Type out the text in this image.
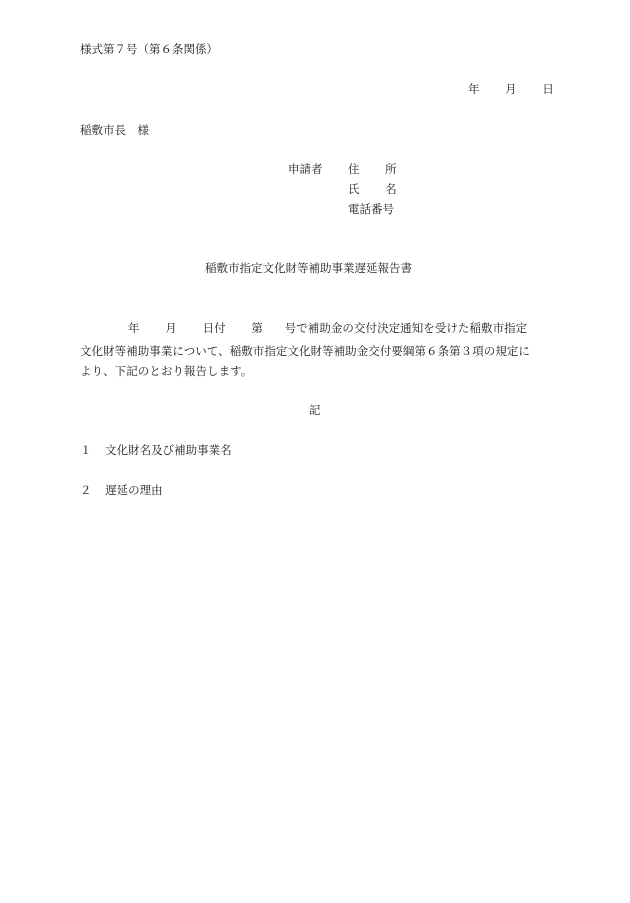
様式第７号（第６条関係）
年 月 日
稲敷市長　様
申請者 住 所
氏 名
電話番号
稲敷市指定文化財等補助事業遅延報告書
年 月 日付 第 号で補助金の交付決定通知を受けた稲敷市指定
文化財等補助事業について、稲敷市指定文化財等補助金交付要綱第６条第３項の規定に
より、下記のとおり報告します。
記
１ 文化財名及び補助事業名
２ 遅延の理由
